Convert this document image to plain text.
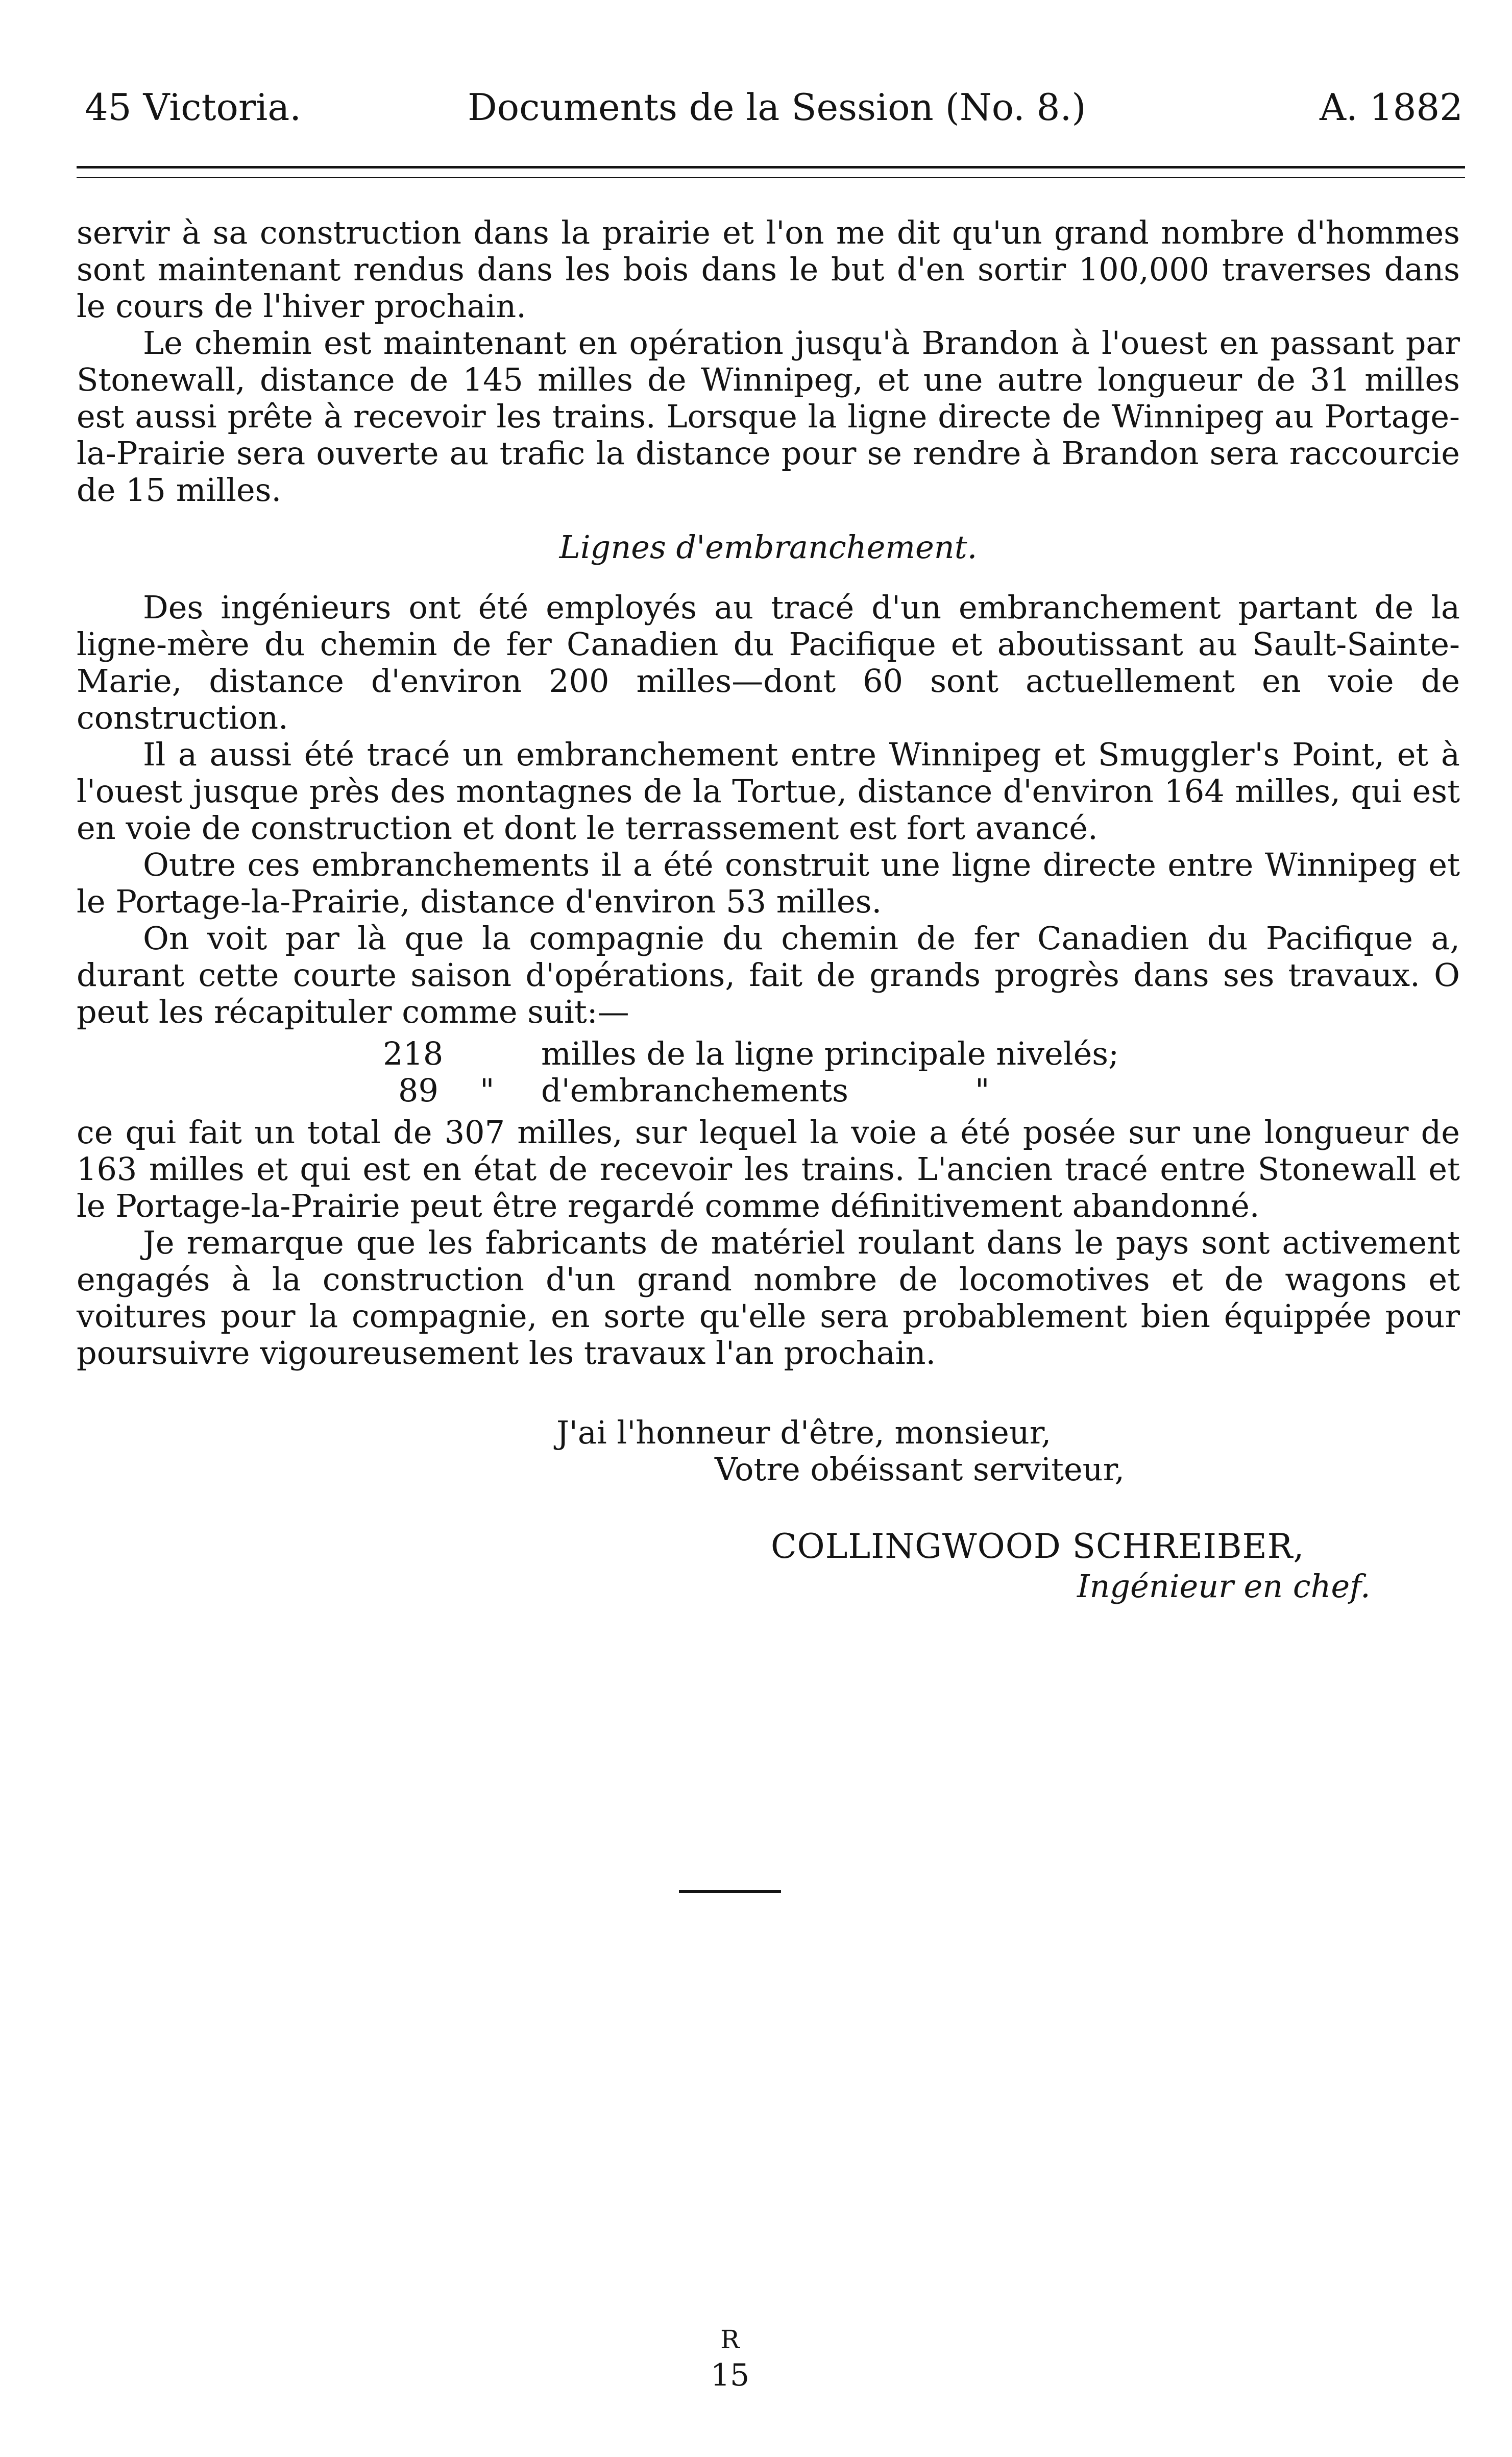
45 Victoria.	Documents de la Session (No. 8.)	A. 1882

servir à sa construction dans la prairie et l'on me dit qu'un grand nombre d'hommes sont maintenant rendus dans les bois dans le but d'en sortir 100,000 traverses dans le cours de l'hiver prochain.

Le chemin est maintenant en opération jusqu'à Brandon à l'ouest en passant par Stonewall, distance de 145 milles de Winnipeg, et une autre longueur de 31 milles est aussi prête à recevoir les trains. Lorsque la ligne directe de Winnipeg au Portage-la-Prairie sera ouverte au trafic la distance pour se rendre à Brandon sera raccourcie de 15 milles.

Lignes d'embranchement.

Des ingénieurs ont été employés au tracé d'un embranchement partant de la ligne-mère du chemin de fer Canadien du Pacifique et aboutissant au Sault-Sainte-Marie, distance d'environ 200 milles—dont 60 sont actuellement en voie de construction.

Il a aussi été tracé un embranchement entre Winnipeg et Smuggler's Point, et à l'ouest jusque près des montagnes de la Tortue, distance d'environ 164 milles, qui est en voie de construction et dont le terrassement est fort avancé.

Outre ces embranchements il a été construit une ligne directe entre Winnipeg et le Portage-la-Prairie, distance d'environ 53 milles.

On voit par là que la compagnie du chemin de fer Canadien du Pacifique a, durant cette courte saison d'opérations, fait de grands progrès dans ses travaux. O peut les récapituler comme suit:—

218	milles de la ligne principale nivelés;
89 " d'embranchements	"

ce qui fait un total de 307 milles, sur lequel la voie a été posée sur une longueur de 163 milles et qui est en état de recevoir les trains. L'ancien tracé entre Stonewall et le Portage-la-Prairie peut être regardé comme définitivement abandonné.

Je remarque que les fabricants de matériel roulant dans le pays sont activement engagés à la construction d'un grand nombre de locomotives et de wagons et voitures pour la compagnie, en sorte qu'elle sera probablement bien équippée pour poursuivre vigoureusement les travaux l'an prochain.

J'ai l'honneur d'être, monsieur,
Votre obéissant serviteur,
COLLINGWOOD SCHREIBER,
Ingénieur en chef.
R
15
